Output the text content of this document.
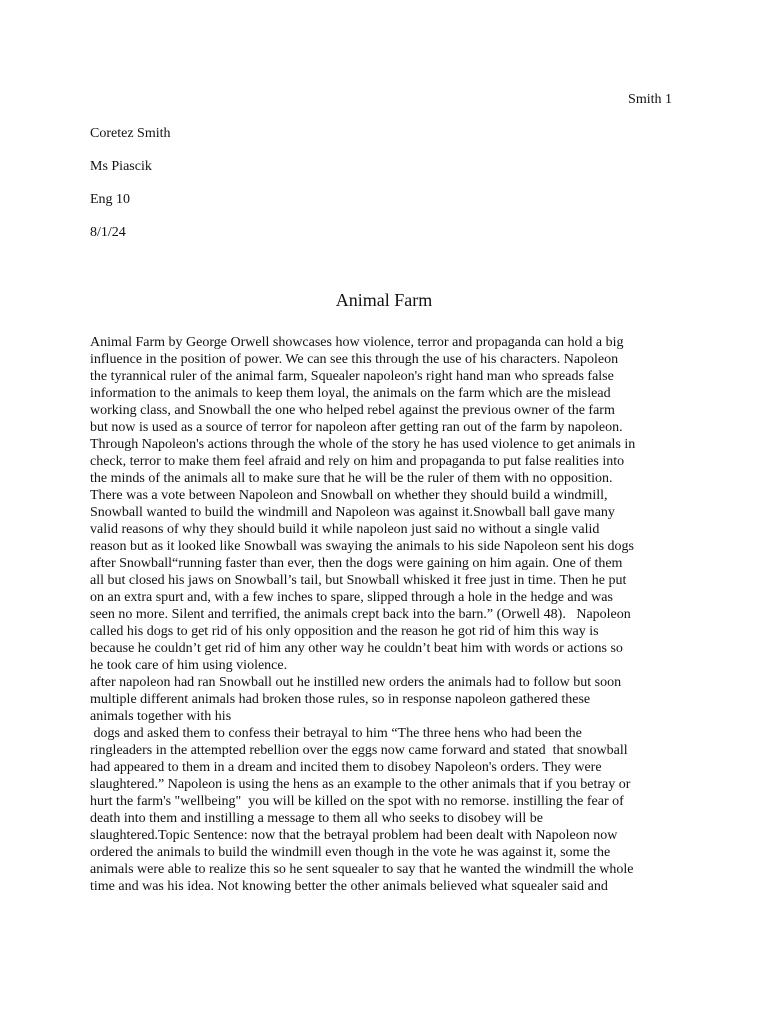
Smith 1
Coretez Smith
Ms Piascik
Eng 10
8/1/24
Animal Farm
Animal Farm by George Orwell showcases how violence, terror and propaganda can hold a big
influence in the position of power. We can see this through the use of his characters. Napoleon
the tyrannical ruler of the animal farm, Squealer napoleon's right hand man who spreads false
information to the animals to keep them loyal, the animals on the farm which are the mislead
working class, and Snowball the one who helped rebel against the previous owner of the farm
but now is used as a source of terror for napoleon after getting ran out of the farm by napoleon.
Through Napoleon's actions through the whole of the story he has used violence to get animals in
check, terror to make them feel afraid and rely on him and propaganda to put false realities into
the minds of the animals all to make sure that he will be the ruler of them with no opposition.
There was a vote between Napoleon and Snowball on whether they should build a windmill,
Snowball wanted to build the windmill and Napoleon was against it.Snowball ball gave many
valid reasons of why they should build it while napoleon just said no without a single valid
reason but as it looked like Snowball was swaying the animals to his side Napoleon sent his dogs
after Snowball“running faster than ever, then the dogs were gaining on him again. One of them
all but closed his jaws on Snowball’s tail, but Snowball whisked it free just in time. Then he put
on an extra spurt and, with a few inches to spare, slipped through a hole in the hedge and was
seen no more. Silent and terrified, the animals crept back into the barn.” (Orwell 48).   Napoleon
called his dogs to get rid of his only opposition and the reason he got rid of him this way is
because he couldn’t get rid of him any other way he couldn’t beat him with words or actions so
he took care of him using violence.
after napoleon had ran Snowball out he instilled new orders the animals had to follow but soon
multiple different animals had broken those rules, so in response napoleon gathered these
animals together with his
dogs and asked them to confess their betrayal to him “The three hens who had been the
ringleaders in the attempted rebellion over the eggs now came forward and stated  that snowball
had appeared to them in a dream and incited them to disobey Napoleon's orders. They were
slaughtered.” Napoleon is using the hens as an example to the other animals that if you betray or
hurt the farm's "wellbeing"  you will be killed on the spot with no remorse. instilling the fear of
death into them and instilling a message to them all who seeks to disobey will be
slaughtered.Topic Sentence: now that the betrayal problem had been dealt with Napoleon now
ordered the animals to build the windmill even though in the vote he was against it, some the
animals were able to realize this so he sent squealer to say that he wanted the windmill the whole
time and was his idea. Not knowing better the other animals believed what squealer said and
